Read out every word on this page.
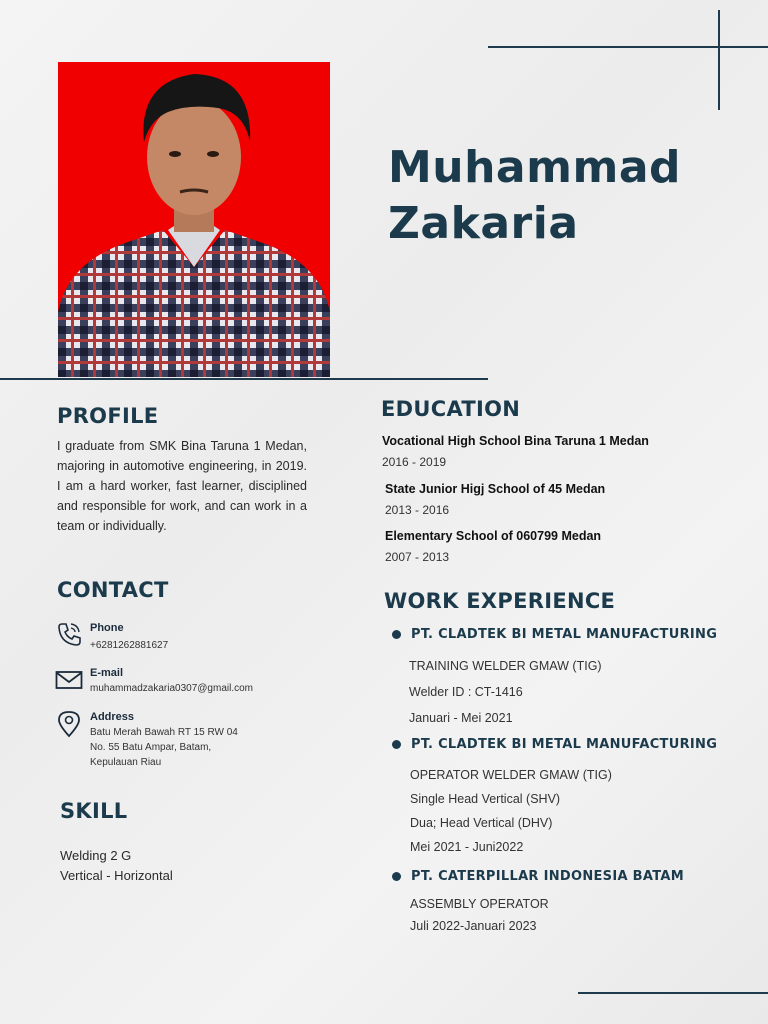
Muhammad
Zakaria
PROFILE
I graduate from SMK Bina Taruna 1 Medan, majoring in automotive engineering, in 2019. I am a hard worker, fast learner, disciplined and responsible for work, and can work in a team or individually.
CONTACT
Phone
+6281262881627
E-mail
muhammadzakaria0307@gmail.com
Address
Batu Merah Bawah RT 15 RW 04
No. 55 Batu Ampar, Batam,
Kepulauan Riau
SKILL
Welding 2 G
Vertical - Horizontal
EDUCATION
Vocational High School Bina Taruna 1 Medan
2016 - 2019
State Junior Higj School of 45 Medan
2013 - 2016
Elementary School of 060799 Medan
2007 - 2013
WORK EXPERIENCE
PT. CLADTEK BI METAL MANUFACTURING
TRAINING WELDER GMAW (TIG)
Welder ID : CT-1416
Januari - Mei 2021
PT. CLADTEK BI METAL MANUFACTURING
OPERATOR WELDER GMAW (TIG)
Single Head Vertical (SHV)
Dua; Head Vertical (DHV)
Mei 2021 - Juni2022
PT. CATERPILLAR INDONESIA BATAM
ASSEMBLY OPERATOR
Juli 2022-Januari 2023
